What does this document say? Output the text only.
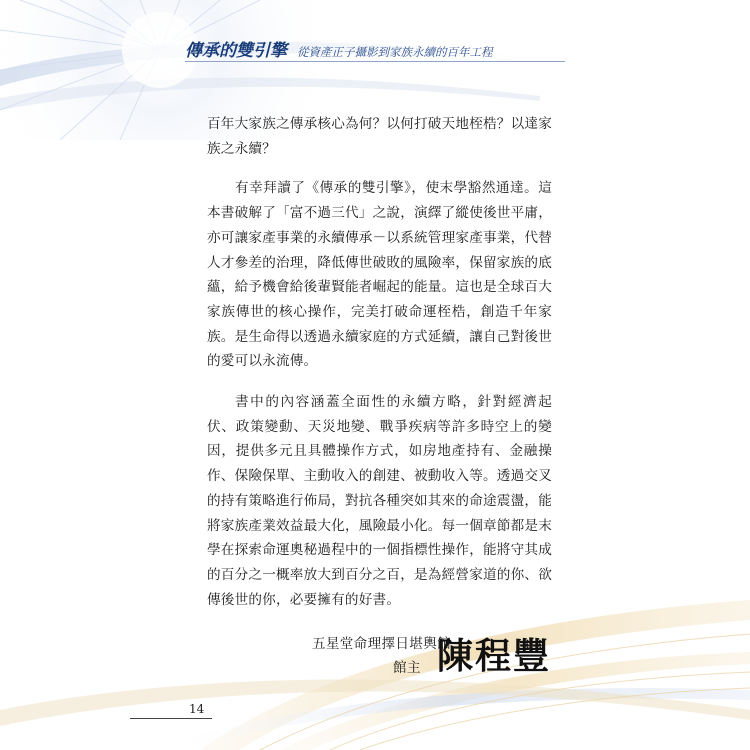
傳承的雙引擎 從資產正子攝影到家族永續的百年工程

百年大家族之傳承核心為何？以何打破天地桎梏？以達家族之永續？

有幸拜讀了《傳承的雙引擎》，使末學豁然通達。這本書破解了「富不過三代」之說，演繹了縱使後世平庸，亦可讓家產事業的永續傳承－以系統管理家產事業，代替人才參差的治理，降低傳世破敗的風險率，保留家族的底蘊，給予機會給後輩賢能者崛起的能量。這也是全球百大家族傳世的核心操作，完美打破命運桎梏，創造千年家族。是生命得以透過永續家庭的方式延續，讓自己對後世的愛可以永流傳。

書中的內容涵蓋全面性的永續方略，針對經濟起伏、政策變動、天災地變、戰爭疾病等許多時空上的變因，提供多元且具體操作方式，如房地產持有、金融操作、保險保單、主動收入的創建、被動收入等。透過交叉的持有策略進行佈局，對抗各種突如其來的命途震盪，能將家族產業效益最大化，風險最小化。每一個章節都是末學在探索命運奧秘過程中的一個指標性操作，能將守其成的百分之一概率放大到百分之百，是為經營家道的你、欲傳後世的你，必要擁有的好書。

五星堂命理擇日堪輿館
館主 陳程豐
14
